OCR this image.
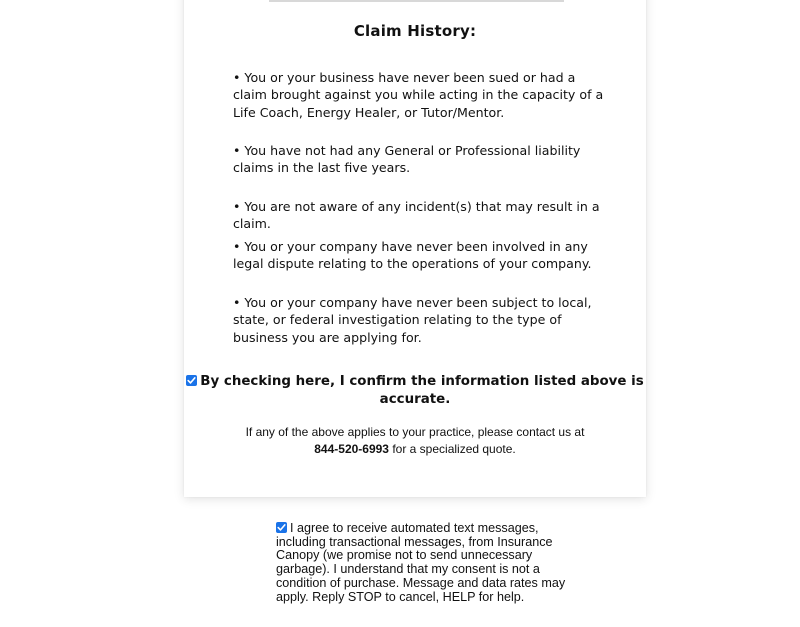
Claim History:
• You or your business have never been sued or had a claim brought against you while acting in the capacity of a Life Coach, Energy Healer, or Tutor/Mentor.
• You have not had any General or Professional liability claims in the last five years.
• You are not aware of any incident(s) that may result in a claim.
• You or your company have never been involved in any legal dispute relating to the operations of your company.
• You or your company have never been subject to local, state, or federal investigation relating to the type of business you are applying for.
By checking here, I confirm the information listed above is accurate.
If any of the above applies to your practice, please contact us at
844-520-6993 for a specialized quote.
I agree to receive automated text messages, including transactional messages, from Insurance Canopy (we promise not to send unnecessary garbage). I understand that my consent is not a condition of purchase. Message and data rates may apply. Reply STOP to cancel, HELP for help.
